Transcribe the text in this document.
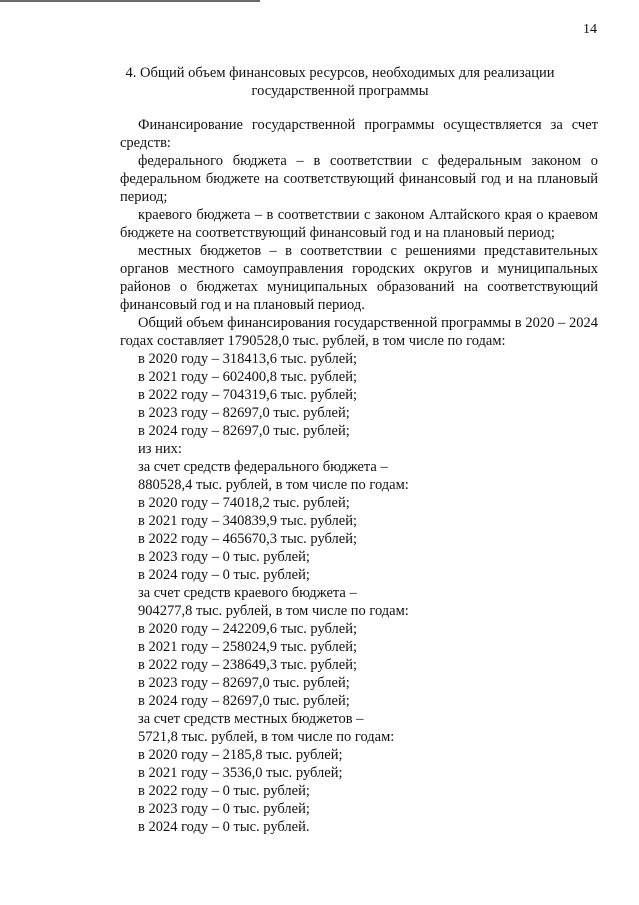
14
4. Общий объем финансовых ресурсов, необходимых для реализации
государственной программы

Финансирование государственной программы осуществляется за счет средств:

федерального бюджета – в соответствии с федеральным законом о федеральном бюджете на соответствующий финансовый год и на плановый период;

краевого бюджета – в соответствии с законом Алтайского края о краевом бюджете на соответствующий финансовый год и на плановый период;

местных бюджетов – в соответствии с решениями представительных органов местного самоуправления городских округов и муниципальных районов о бюджетах муниципальных образований на соответствующий финансовый год и на плановый период.

Общий объем финансирования государственной программы в 2020 – 2024 годах составляет 1790528,0 тыс. рублей, в том числе по годам:

в 2020 году – 318413,6 тыс. рублей;
в 2021 году – 602400,8 тыс. рублей;
в 2022 году – 704319,6 тыс. рублей;
в 2023 году – 82697,0 тыс. рублей;
в 2024 году – 82697,0 тыс. рублей;
из них:
за счет средств федерального бюджета –
880528,4 тыс. рублей, в том числе по годам:
в 2020 году – 74018,2 тыс. рублей;
в 2021 году – 340839,9 тыс. рублей;
в 2022 году – 465670,3 тыс. рублей;
в 2023 году – 0 тыс. рублей;
в 2024 году – 0 тыс. рублей;
за счет средств краевого бюджета –
904277,8 тыс. рублей, в том числе по годам:
в 2020 году – 242209,6 тыс. рублей;
в 2021 году – 258024,9 тыс. рублей;
в 2022 году – 238649,3 тыс. рублей;
в 2023 году – 82697,0 тыс. рублей;
в 2024 году – 82697,0 тыс. рублей;
за счет средств местных бюджетов –
5721,8 тыс. рублей, в том числе по годам:
в 2020 году – 2185,8 тыс. рублей;
в 2021 году – 3536,0 тыс. рублей;
в 2022 году – 0 тыс. рублей;
в 2023 году – 0 тыс. рублей;
в 2024 году – 0 тыс. рублей.
